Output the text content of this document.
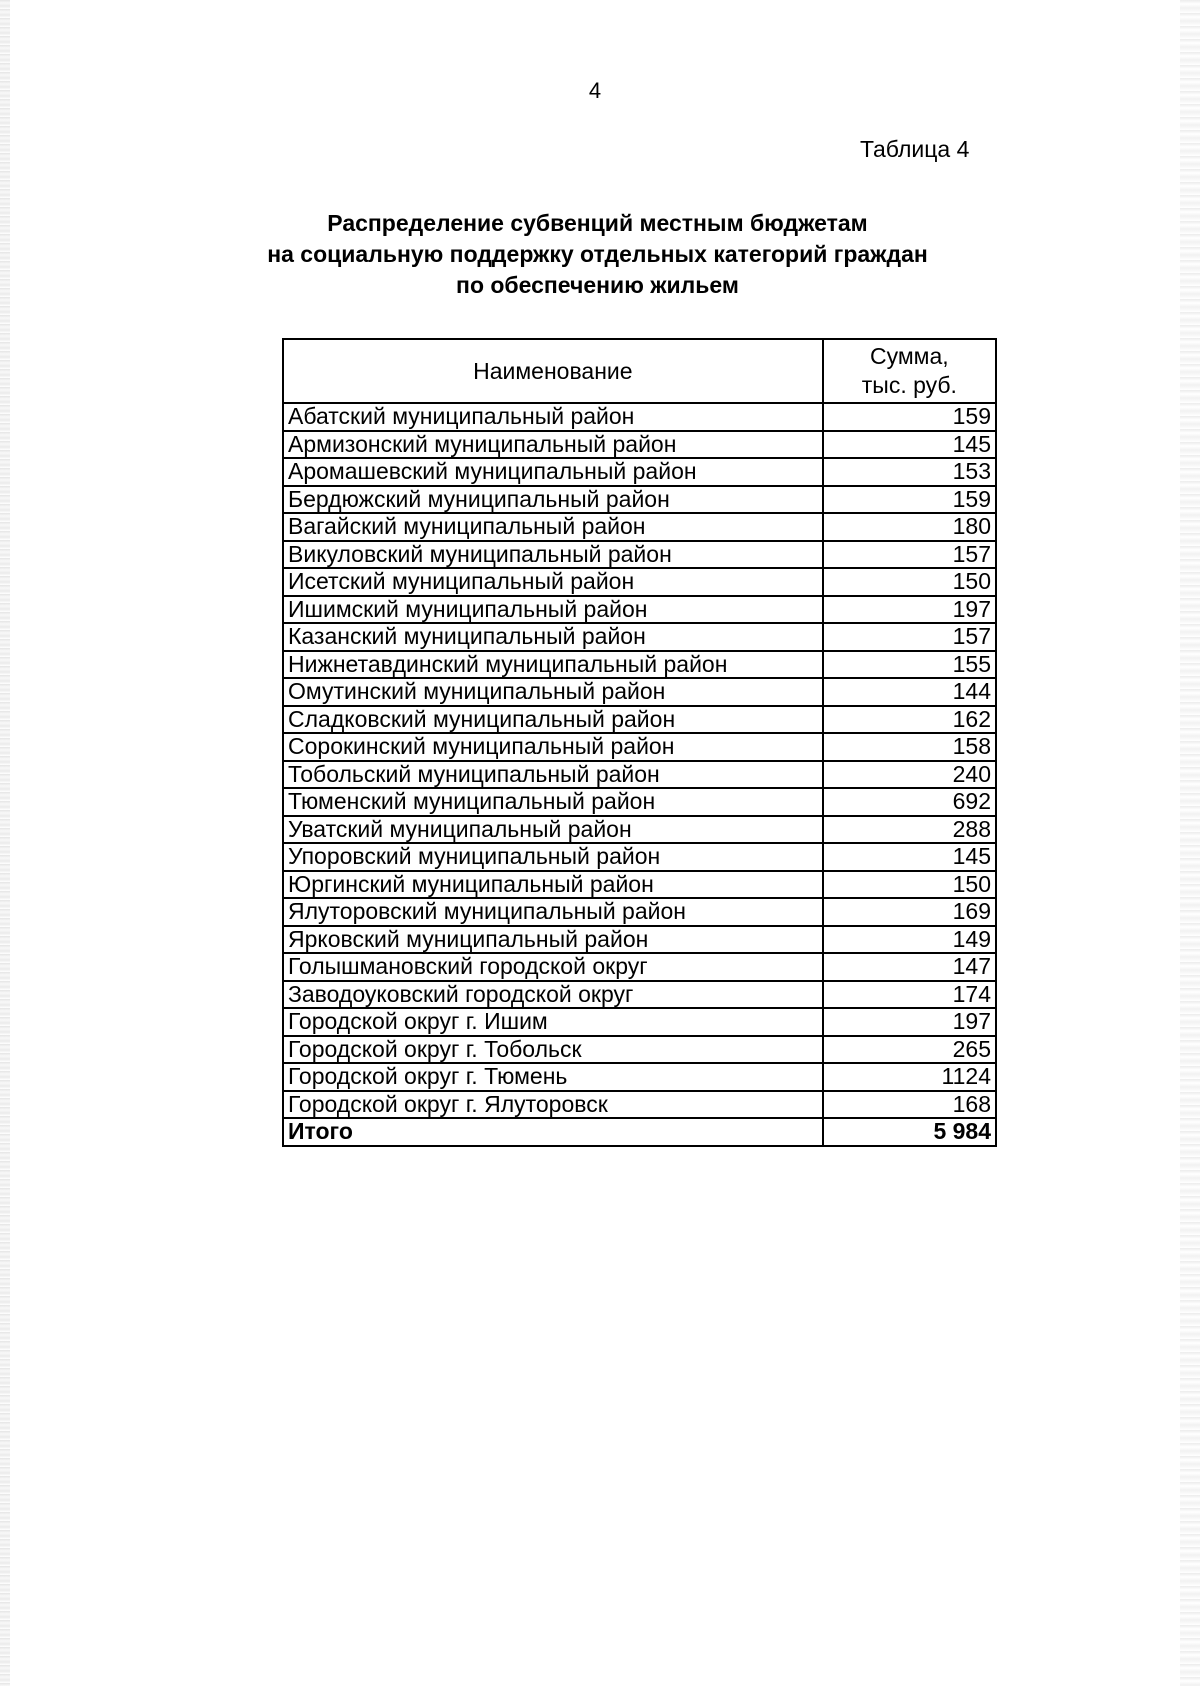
4
Таблица 4
Распределение субвенций местным бюджетам
на социальную поддержку отдельных категорий граждан
по обеспечению жильем
Наименование	Сумма,
тыс. руб.

Абатский муниципальный район	159
Армизонский муниципальный район	145
Аромашевский муниципальный район	153
Бердюжский муниципальный район	159
Вагайский муниципальный район	180
Викуловский муниципальный район	157
Исетский муниципальный район	150
Ишимский муниципальный район	197
Казанский муниципальный район	157
Нижнетавдинский муниципальный район	155
Омутинский муниципальный район	144
Сладковский муниципальный район	162
Сорокинский муниципальный район	158
Тобольский муниципальный район	240
Тюменский муниципальный район	692
Уватский муниципальный район	288
Упоровский муниципальный район	145
Юргинский муниципальный район	150
Ялуторовский муниципальный район	169
Ярковский муниципальный район	149
Голышмановский городской округ	147
Заводоуковский городской округ	174
Городской округ г. Ишим	197
Городской округ г. Тобольск	265
Городской округ г. Тюмень	1124
Городской округ г. Ялуторовск	168
Итого	5 984
